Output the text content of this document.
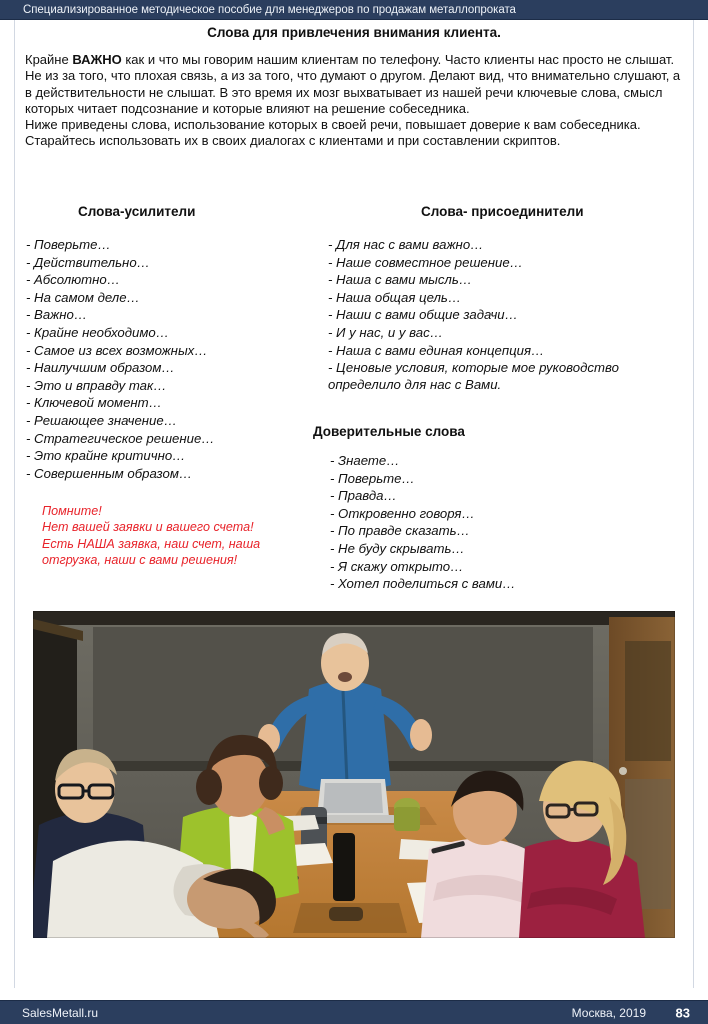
Специализированное методическое пособие для менеджеров по продажам металлопроката
Слова для привлечения внимания клиента.

Крайне ВАЖНО как и что мы говорим нашим клиентам по телефону. Часто клиенты нас просто не слышат. Не из за того, что плохая связь, а из за того, что думают о другом. Делают вид, что внимательно слушают, а в действительности не слышат. В это время их мозг выхватывает из нашей речи ключевые слова, смысл которых читает подсознание и которые влияют на решение собеседника.

Ниже приведены слова, использование которых в своей речи, повышает доверие к вам собеседника. Старайтесь использовать их в своих диалогах с клиентами и при составлении скриптов.

Слова-усилители	Слова- присоединители
Доверительные слова
- Поверьте…
- Действительно…
- Абсолютно…
- На самом деле…
- Важно…
- Крайне необходимо…
- Самое из всех возможных…
- Наилучшим образом…
- Это и вправду так…
- Ключевой момент…
- Решающее значение…
- Стратегическое решение…
- Это крайне критично…
- Совершенным образом…
- Для нас с вами важно…
- Наше совместное решение…
- Наша с вами мысль…
- Наша общая цель…
- Наши с вами общие задачи…
- И у нас, и у вас…
- Наша с вами единая концепция…
- Ценовые условия, которые мое руководство определило для нас с Вами.
- Знаете…
- Поверьте…
- Правда…
- Откровенно говоря…
- По правде сказать…
- Не буду скрывать…
- Я скажу открыто…
- Хотел поделиться с вами…
Помните!
Нет вашей заявки и вашего счета!
Есть НАША заявка, наш счет, наша
отгрузка, наши с вами решения!
SalesMetall.ru	Москва, 2019 83
